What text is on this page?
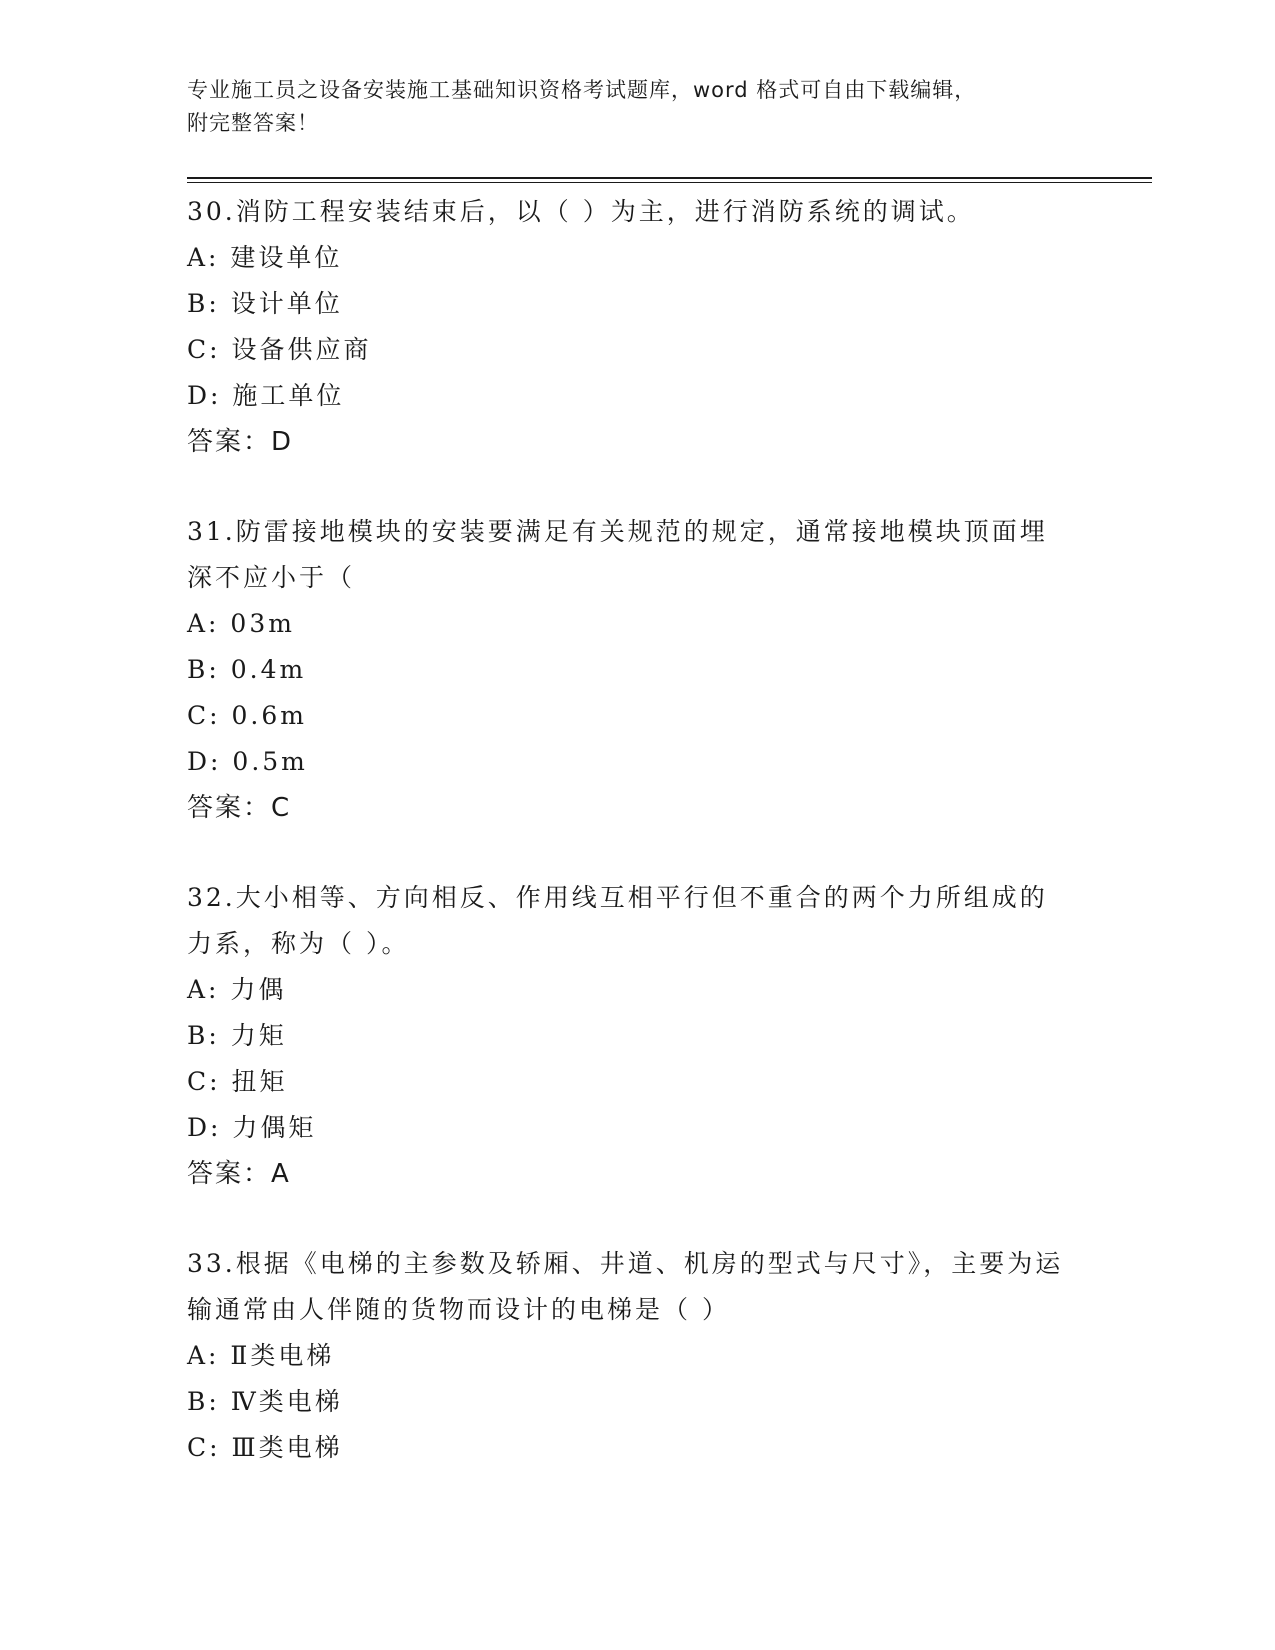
专业施工员之设备安装施工基础知识资格考试题库，word 格式可自由下载编辑，
附完整答案！

30.消防工程安装结束后，以（ ）为主，进行消防系统的调试。

A: 建设单位

B: 设计单位

C: 设备供应商

D: 施工单位

答案：D

31.防雷接地模块的安装要满足有关规范的规定，通常接地模块顶面埋深不应小于（

A: 03m

B: 0.4m

C: 0.6m

D: 0.5m

答案：C

32.大小相等、方向相反、作用线互相平行但不重合的两个力所组成的力系，称为（ ）。

A: 力偶

B: 力矩

C: 扭矩

D: 力偶矩

答案：A

33.根据《电梯的主参数及轿厢、井道、机房的型式与尺寸》，主要为运输通常由人伴随的货物而设计的电梯是（ ）

A: Ⅱ类电梯

B: Ⅳ类电梯

C: Ⅲ类电梯
